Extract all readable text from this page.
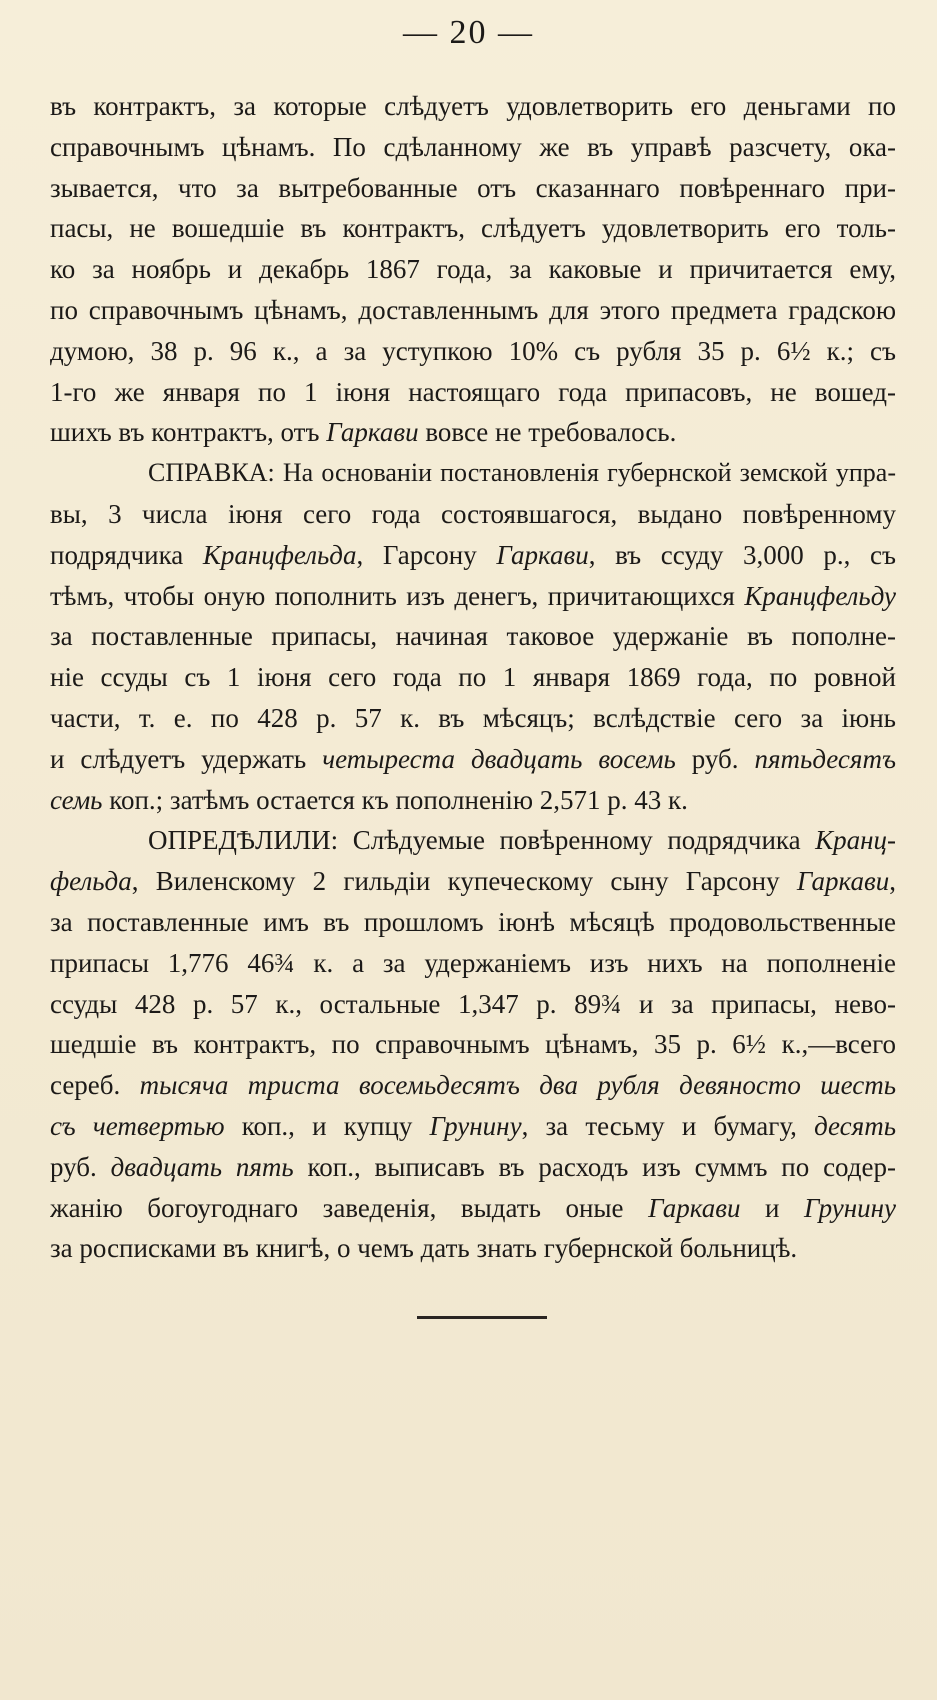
— 20 —
въ контрактъ, за которые слѣдуетъ удовлетворить его деньгами по
справочнымъ цѣнамъ. По сдѣланному же въ управѣ разсчету, ока-
зывается, что за вытребованные отъ сказаннаго повѣреннаго при-
пасы, не вошедшіе въ контрактъ, слѣдуетъ удовлетворить его толь-
ко за ноябрь и декабрь 1867 года, за каковые и причитается ему,
по справочнымъ цѣнамъ, доставленнымъ для этого предмета градскою
думою, 38 р. 96 к., а за уступкою 10% съ рубля 35 р. 6½ к.; съ
1-го же января по 1 іюня настоящаго года припасовъ, не вошед-
шихъ въ контрактъ, отъ Гаркави вовсе не требовалось.
СПРАВКА: На основаніи постановленія губернской земской упра-
вы, 3 числа іюня сего года состоявшагося, выдано повѣренному
подрядчика Кранцфельда, Гарсону Гаркави, въ ссуду 3,000 р., съ
тѣмъ, чтобы оную пополнить изъ денегъ, причитающихся Кранцфельду
за поставленные припасы, начиная таковое удержаніе въ пополне-
ніе ссуды съ 1 іюня сего года по 1 января 1869 года, по ровной
части, т. е. по 428 р. 57 к. въ мѣсяцъ; вслѣдствіе сего за іюнь
и слѣдуетъ удержать четыреста двадцать восемь руб. пятьдесятъ
семь коп.; затѣмъ остается къ пополненію 2,571 р. 43 к.
ОПРЕДѢЛИЛИ: Слѣдуемые повѣренному подрядчика Кранц-
фельда, Виленскому 2 гильдіи купеческому сыну Гарсону Гаркави,
за поставленные имъ въ прошломъ іюнѣ мѣсяцѣ продовольственные
припасы 1,776 46¾ к. а за удержаніемъ изъ нихъ на пополненіе
ссуды 428 р. 57 к., остальные 1,347 р. 89¾ и за припасы, нево-
шедшіе въ контрактъ, по справочнымъ цѣнамъ, 35 р. 6½ к.,—всего
сереб. тысяча триста восемьдесятъ два рубля девяносто шесть
съ четвертью коп., и купцу Грунину, за тесьму и бумагу, десять
руб. двадцать пять коп., выписавъ въ расходъ изъ суммъ по содер-
жанію богоугоднаго заведенія, выдать оные Гаркави и Грунину
за росписками въ книгѣ, о чемъ дать знать губернской больницѣ.
